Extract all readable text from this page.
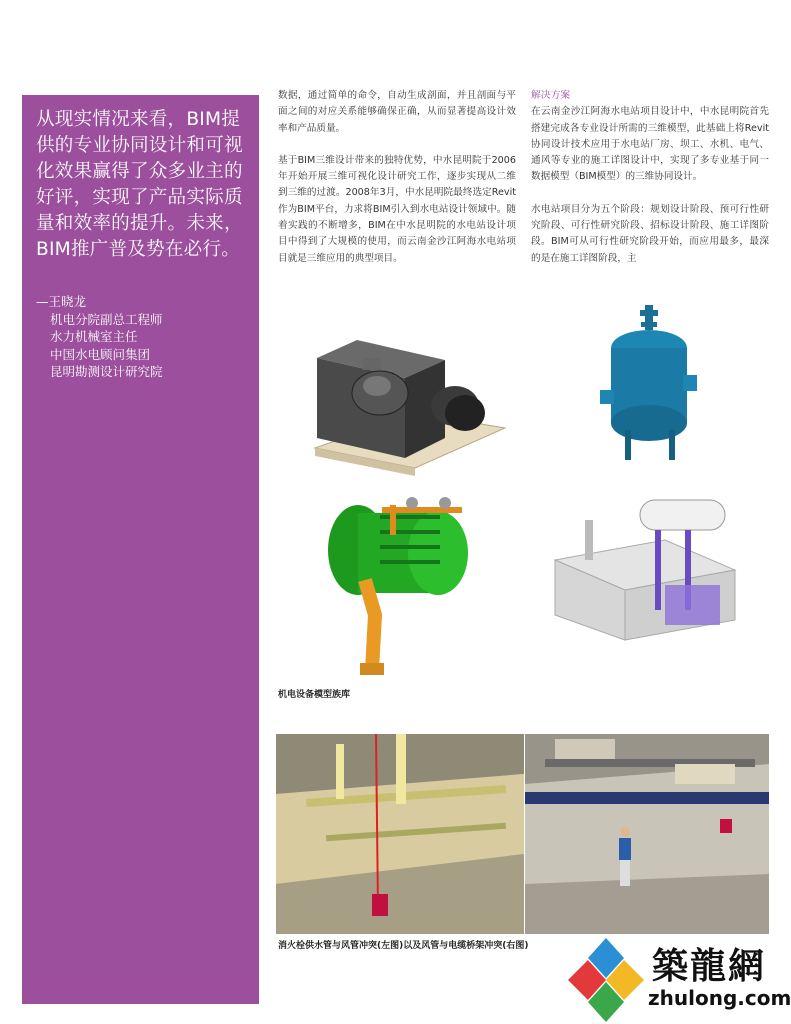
从现实情况来看，BIM提供的专业协同设计和可视化效果赢得了众多业主的好评，实现了产品实际质量和效率的提升。未来，BIM推广普及势在必行。

—王晓龙
机电分院副总工程师
水力机械室主任
中国水电顾问集团
昆明勘测设计研究院

数据，通过简单的命令，自动生成剖面，并且剖面与平面之间的对应关系能够确保正确，从而显著提高设计效率和产品质量。

基于BIM三维设计带来的独特优势，中水昆明院于2006年开始开展三维可视化设计研究工作，逐步实现从二维到三维的过渡。2008年3月，中水昆明院最终选定Revit作为BIM平台，力求将BIM引入到水电站设计领域中。随着实践的不断增多，BIM在中水昆明院的水电站设计项目中得到了大规模的使用，而云南金沙江阿海水电站项目就是三维应用的典型项目。

解决方案

在云南金沙江阿海水电站项目设计中，中水昆明院首先搭建完成各专业设计所需的三维模型，此基础上将Revit协同设计技术应用于水电站厂房、坝工、水机、电气、通风等专业的施工详图设计中，实现了多专业基于同一数据模型（BIM模型）的三维协同设计。

水电站项目分为五个阶段：规划设计阶段、预可行性研究阶段、可行性研究阶段、招标设计阶段、施工详图阶段。BIM可从可行性研究阶段开始，而应用最多，最深的是在施工详图阶段，主

机电设备模型族库
消火栓供水管与风管冲突(左图)以及风管与电缆桥架冲突(右图)	築龍網
zhulong.com
